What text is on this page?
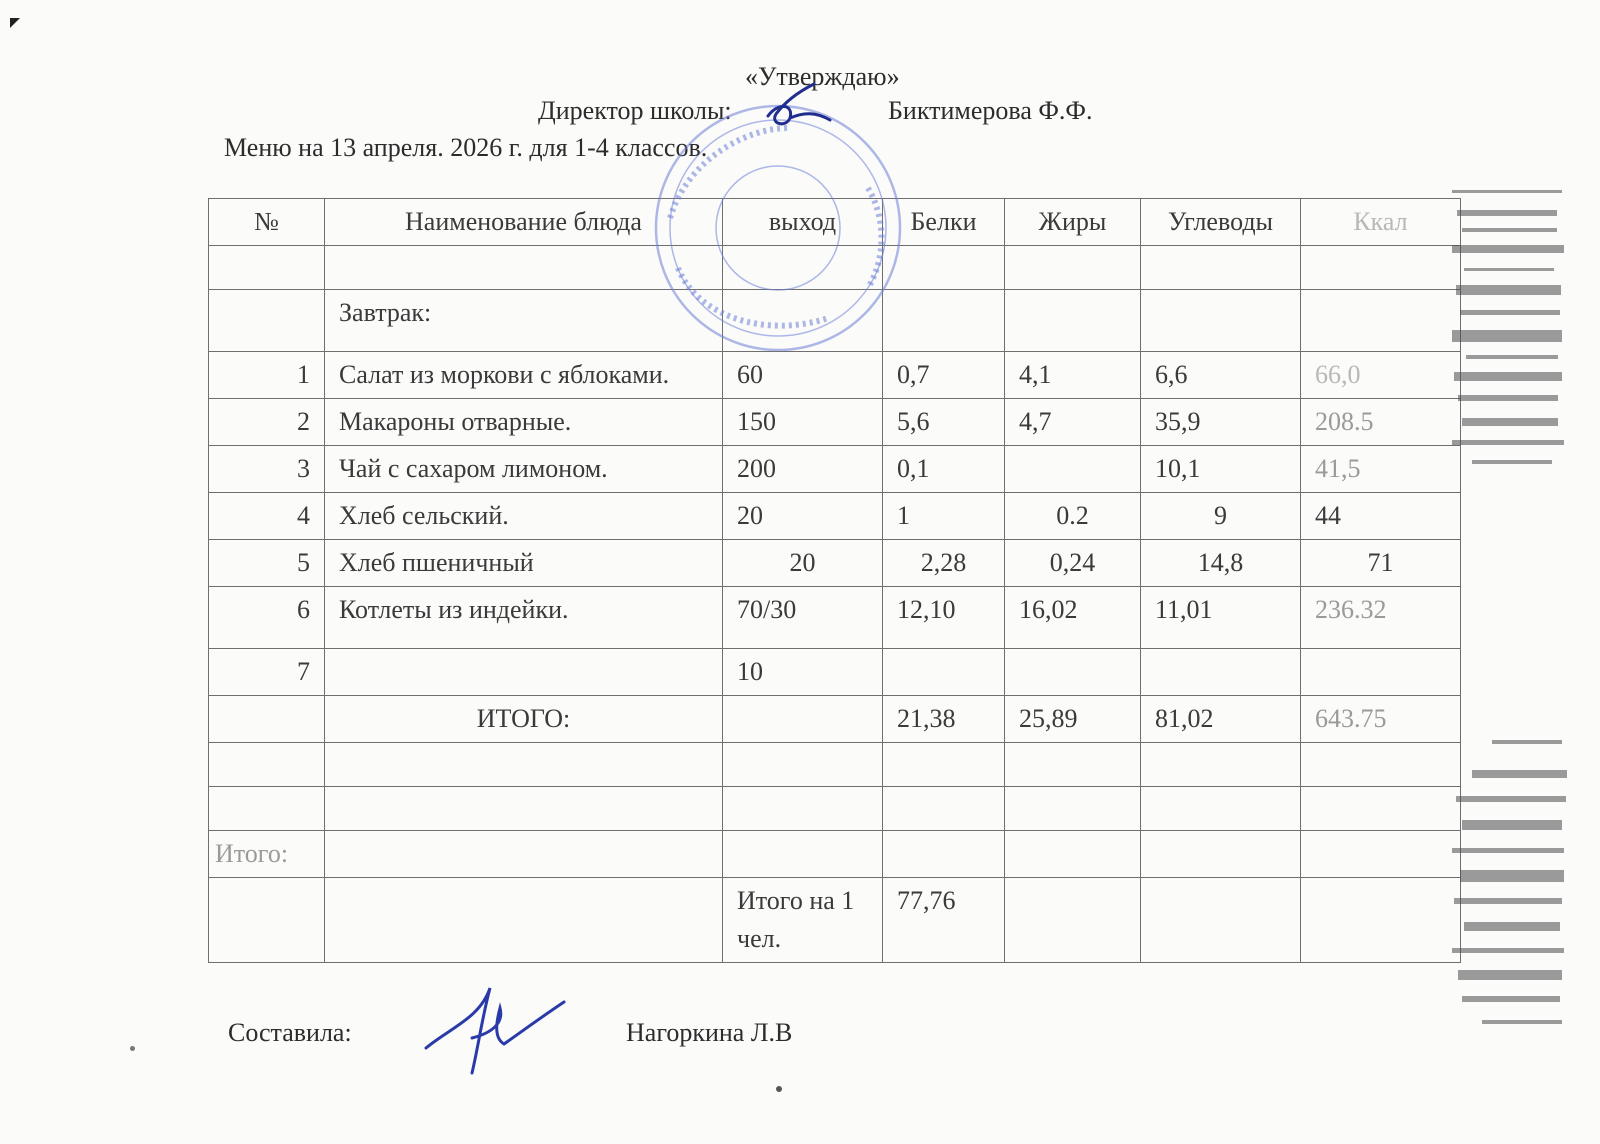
«Утверждаю»
Директор школы:	Биктимерова Ф.Ф.
Меню на 13 апреля. 2026 г. для 1-4 классов.
№	Наименование блюда	выход	Белки	Жиры	Углеводы	Ккал

	Завтрак:					
1	Салат из моркови с яблоками.	60	0,7	4,1	6,6	66,0
2	Макароны отварные.	150	5,6	4,7	35,9	208.5
3	Чай с сахаром лимоном.	200	0,1		10,1	41,5
4	Хлеб сельский.	20	1	0.2	9	44
5	Хлеб пшеничный	20	2,28	0,24	14,8	71
6	Котлеты из индейки.	70/30	12,10	16,02	11,01	236.32
7		10				
	ИТОГО:		21,38	25,89	81,02	643.75

Итого:						
		Итого на 1 чел.	77,76			
Составила:	Нагоркина Л.В
